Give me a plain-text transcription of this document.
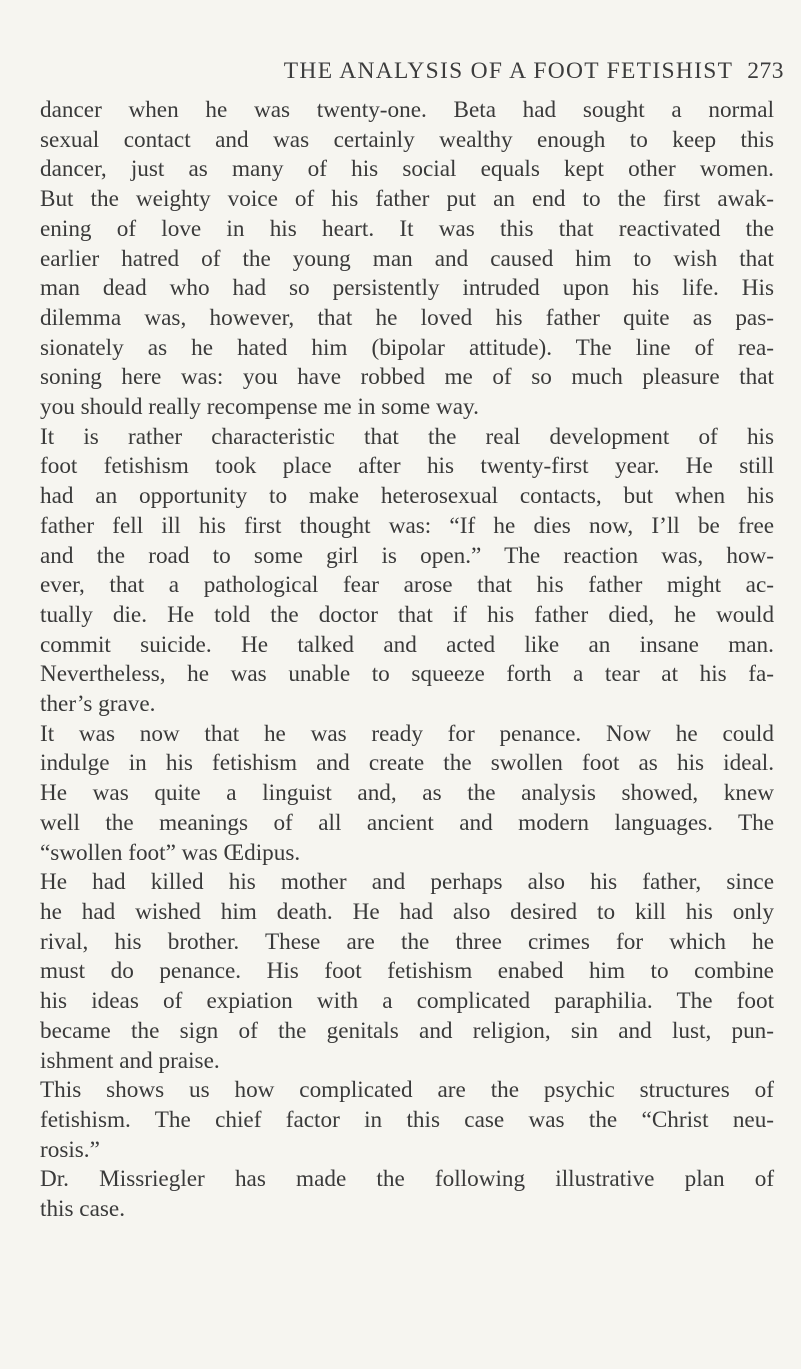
THE ANALYSIS OF A FOOT FETISHIST 273

dancer when he was twenty-one. Beta had sought a normal
sexual contact and was certainly wealthy enough to keep this
dancer, just as many of his social equals kept other women.
But the weighty voice of his father put an end to the first awak-
ening of love in his heart. It was this that reactivated the
earlier hatred of the young man and caused him to wish that
man dead who had so persistently intruded upon his life. His
dilemma was, however, that he loved his father quite as pas-
sionately as he hated him (bipolar attitude). The line of rea-
soning here was: you have robbed me of so much pleasure that
you should really recompense me in some way.

It is rather characteristic that the real development of his
foot fetishism took place after his twenty-first year. He still
had an opportunity to make heterosexual contacts, but when his
father fell ill his first thought was: “If he dies now, I’ll be free
and the road to some girl is open.” The reaction was, how-
ever, that a pathological fear arose that his father might ac-
tually die. He told the doctor that if his father died, he would
commit suicide. He talked and acted like an insane man.
Nevertheless, he was unable to squeeze forth a tear at his fa-
ther’s grave.

It was now that he was ready for penance. Now he could
indulge in his fetishism and create the swollen foot as his ideal.
He was quite a linguist and, as the analysis showed, knew
well the meanings of all ancient and modern languages. The
“swollen foot” was Œdipus.

He had killed his mother and perhaps also his father, since
he had wished him death. He had also desired to kill his only
rival, his brother. These are the three crimes for which he
must do penance. His foot fetishism enabed him to combine
his ideas of expiation with a complicated paraphilia. The foot
became the sign of the genitals and religion, sin and lust, pun-
ishment and praise.

This shows us how complicated are the psychic structures of
fetishism. The chief factor in this case was the “Christ neu-
rosis.”

Dr. Missriegler has made the following illustrative plan of
this case.
